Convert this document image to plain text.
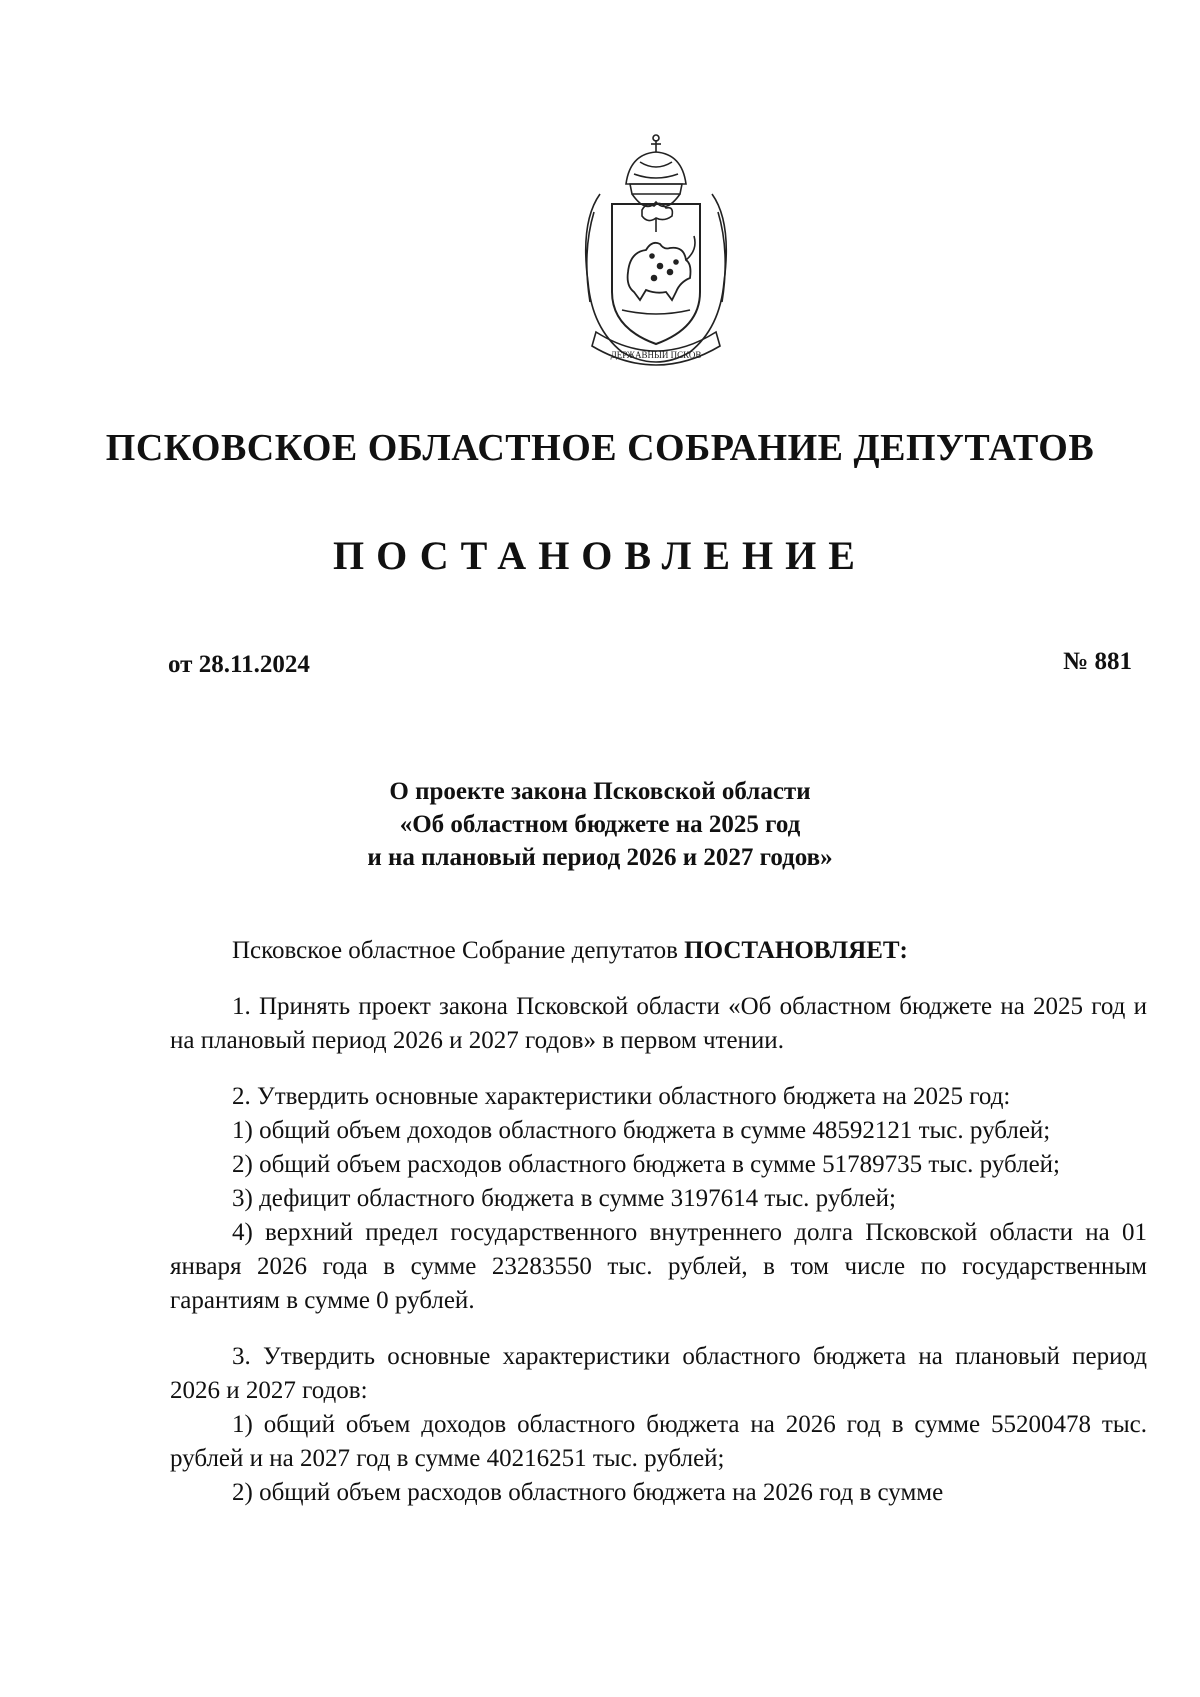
ДЕРЖАВНЫЙ ПСКОВ
ПСКОВСКОЕ ОБЛАСТНОЕ СОБРАНИЕ ДЕПУТАТОВ
ПОСТАНОВЛЕНИЕ
от 28.11.2024	№ 881
О проекте закона Псковской области
«Об областном бюджете на 2025 год
и на плановый период 2026 и 2027 годов»

Псковское областное Собрание депутатов ПОСТАНОВЛЯЕТ:

1. Принять проект закона Псковской области «Об областном бюджете на 2025 год и на плановый период 2026 и 2027 годов» в первом чтении.

2. Утвердить основные характеристики областного бюджета на 2025 год:

1) общий объем доходов областного бюджета в сумме 48592121 тыс. рублей;

2) общий объем расходов областного бюджета в сумме 51789735 тыс. рублей;

3) дефицит областного бюджета в сумме 3197614 тыс. рублей;

4) верхний предел государственного внутреннего долга Псковской области на 01 января 2026 года в сумме 23283550 тыс. рублей, в том числе по государственным гарантиям в сумме 0 рублей.

3. Утвердить основные характеристики областного бюджета на плановый период 2026 и 2027 годов:

1) общий объем доходов областного бюджета на 2026 год в сумме 55200478 тыс. рублей и на 2027 год в сумме 40216251 тыс. рублей;

2) общий объем расходов областного бюджета на 2026 год в сумме
